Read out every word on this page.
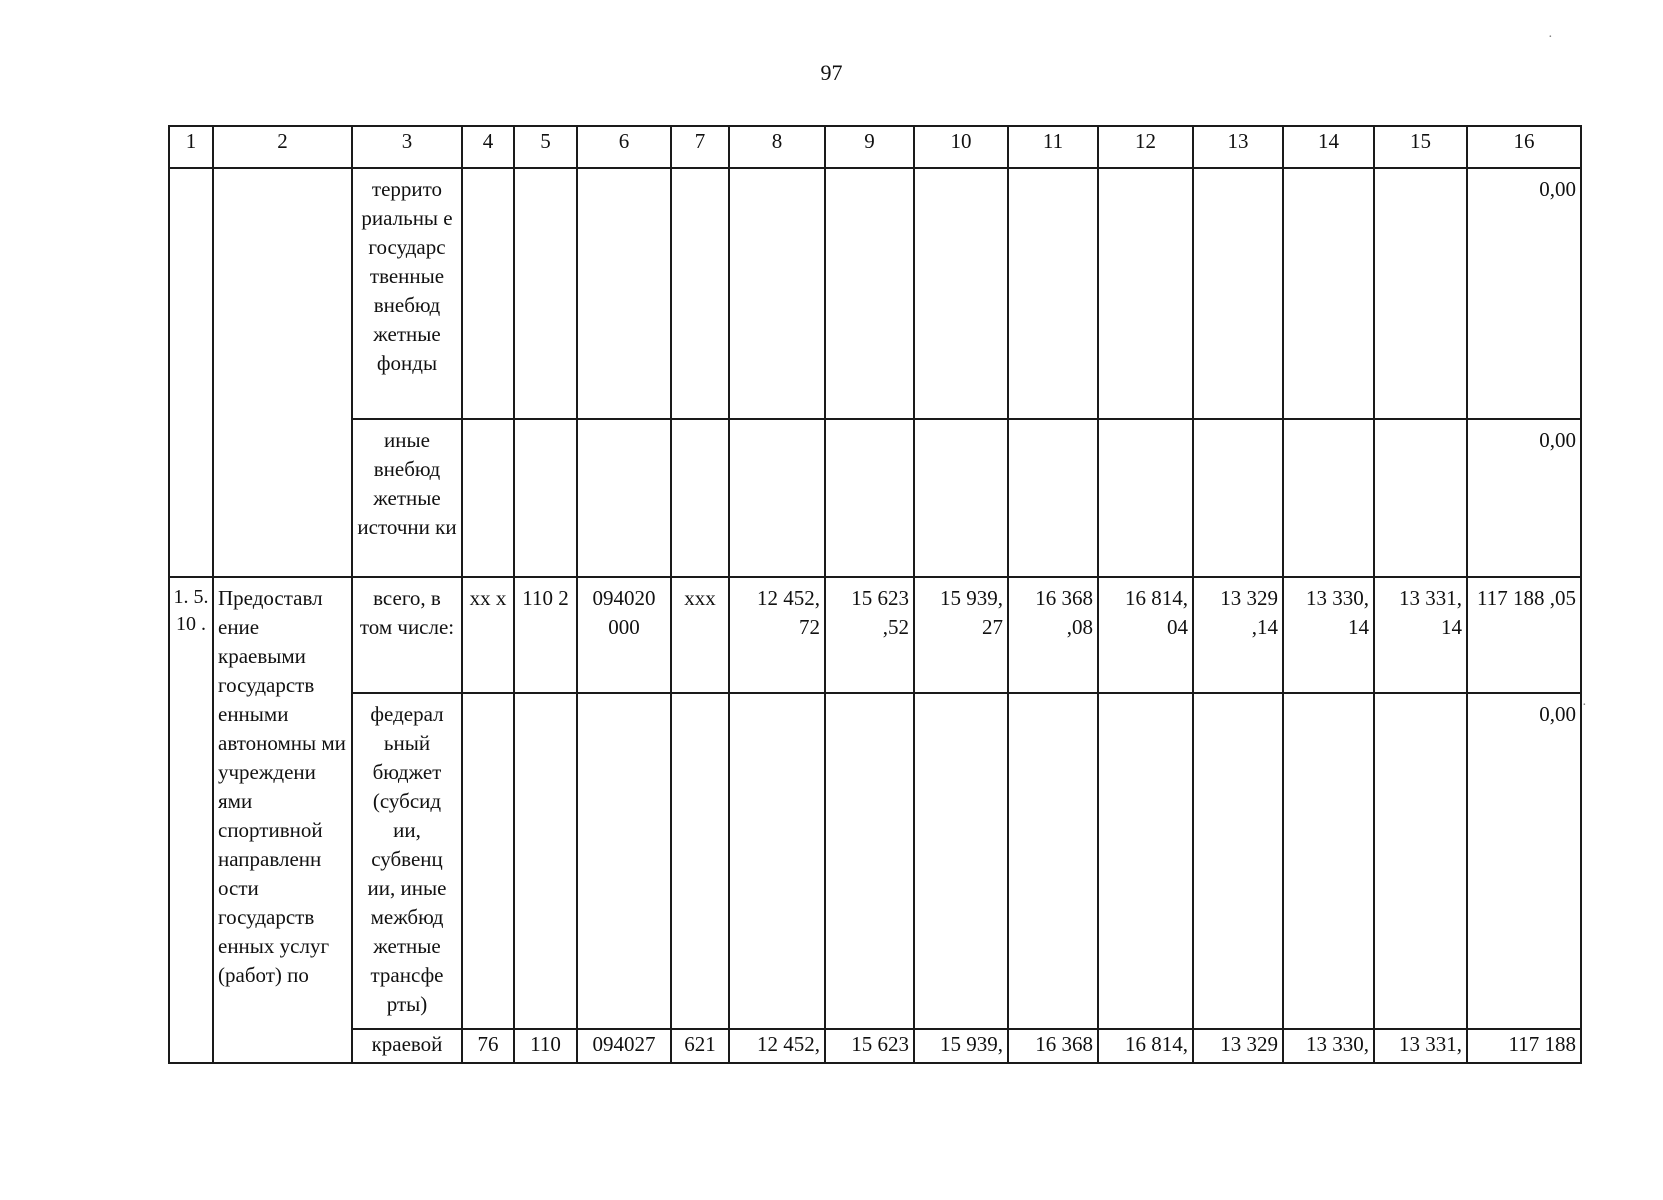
97
1	2	3	4	5	6	7	8	9	10	11	12	13	14	15	16
		террито риальны е государс твенные внебюд жетные фонды													0,00
		иные внебюд жетные источни ки													0,00
1. 5. 10 .	Предоставл ение краевыми государств енными автономны ми учреждени ями спортивной направленн ости государств енных услуг (работ) по	всего, в том числе:	xx x	110 2	094020 000	xxx	12 452, 72	15 623 ,52	15 939, 27	16 368 ,08	16 814, 04	13 329 ,14	13 330, 14	13 331, 14	117 188 ,05
		федерал ьный бюджет (субсид ии, субвенц ии, иные межбюд жетные трансфе рты)													0,00
		краевой	76	110	094027	621	12 452,	15 623	15 939,	16 368	16 814,	13 329	13 330,	13 331,	117 188
·
·
